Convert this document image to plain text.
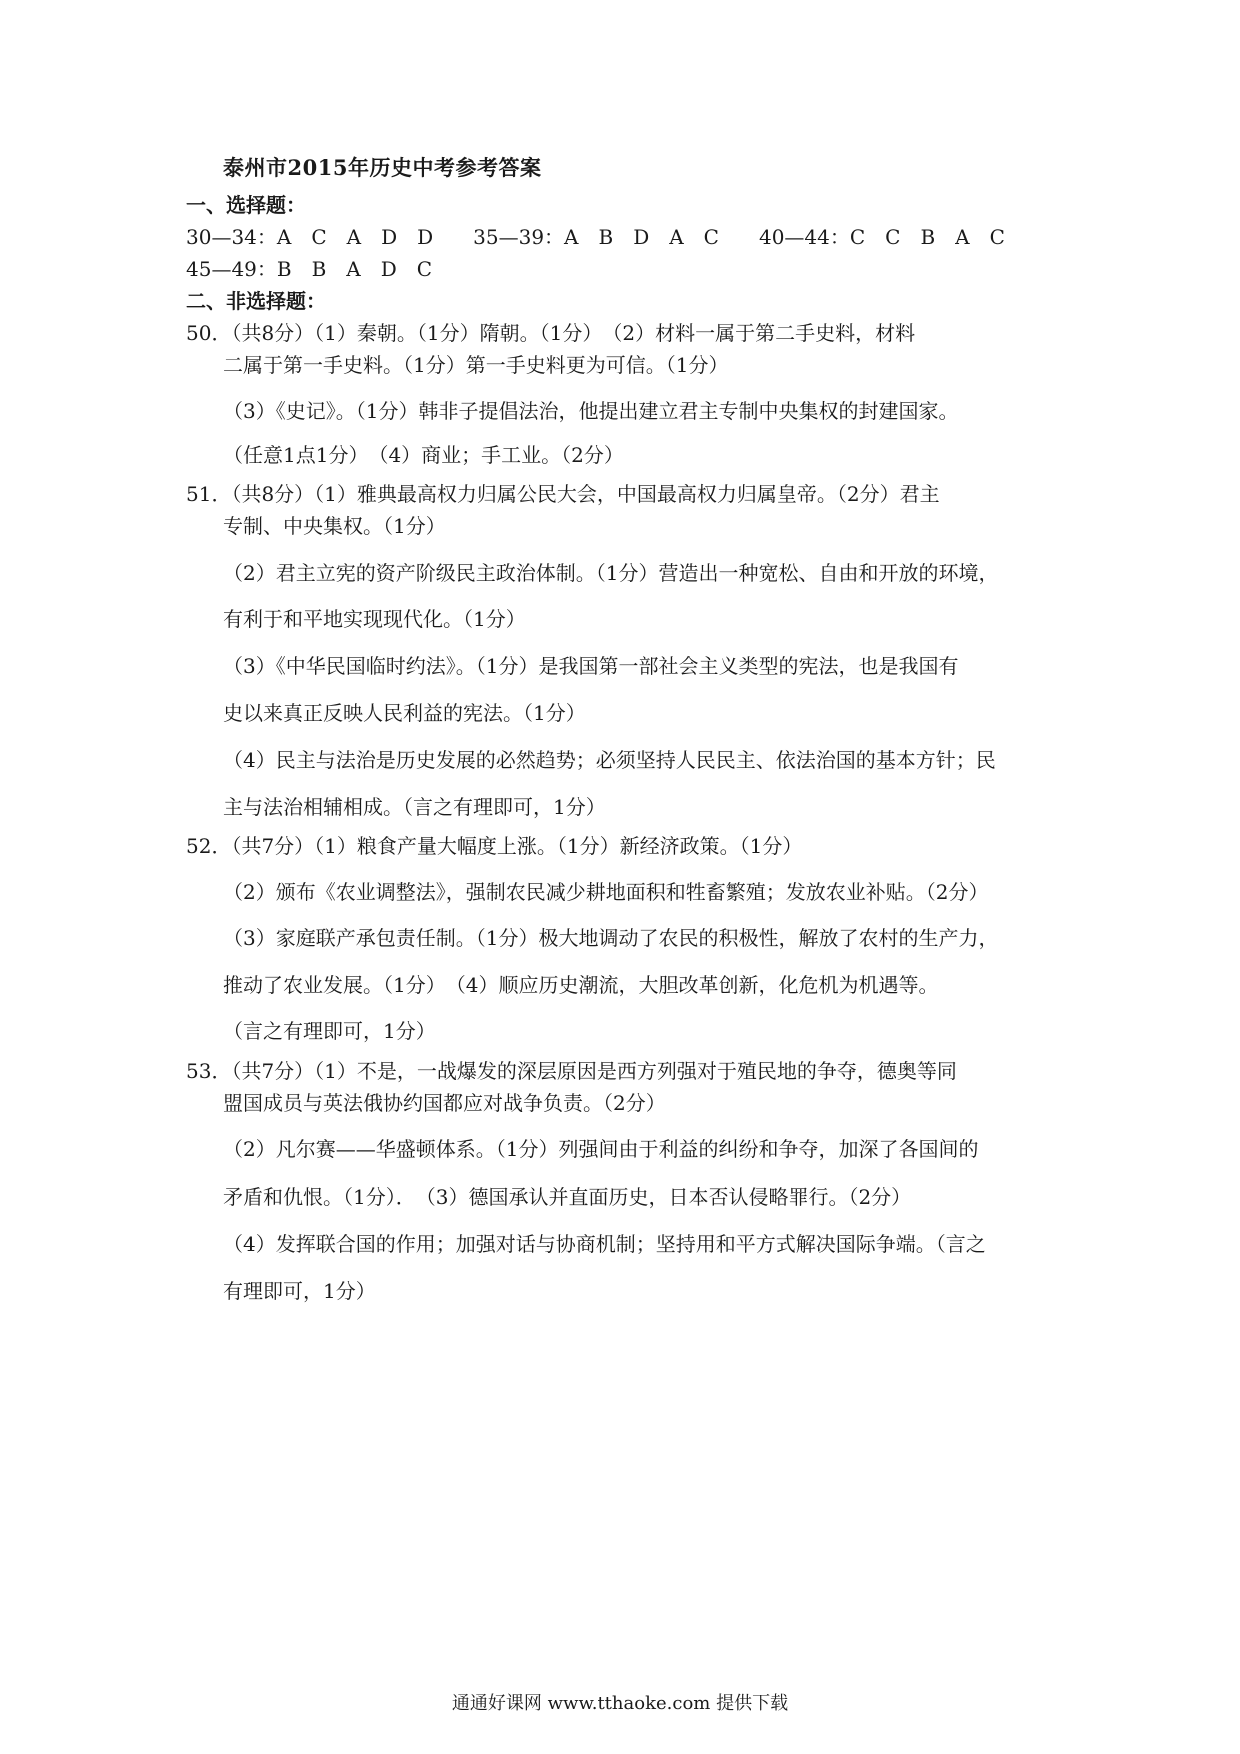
泰州市2015年历史中考参考答案
一、选择题：
30—34：A　C　A　D　D　　35—39：A　B　D　A　C　　40—44：C　C　B　A　C
45—49：B　B　A　D　C
二、非选择题：
50．（共8分）（1）秦朝。（1分）隋朝。（1分）　（2）材料一属于第二手史料，材料
二属于第一手史料。（1分）第一手史料更为可信。（1分）
（3）《史记》。（1分）韩非子提倡法治，他提出建立君主专制中央集权的封建国家。
（任意1点1分）　（4）商业；手工业。（2分）
51．（共8分）（1）雅典最高权力归属公民大会，中国最高权力归属皇帝。（2分）君主
专制、中央集权。（1分）
（2）君主立宪的资产阶级民主政治体制。（1分）营造出一种宽松、自由和开放的环境，
有利于和平地实现现代化。（1分）
（3）《中华民国临时约法》。（1分）是我国第一部社会主义类型的宪法，也是我国有
史以来真正反映人民利益的宪法。（1分）
（4）民主与法治是历史发展的必然趋势；必须坚持人民民主、依法治国的基本方针；民
主与法治相辅相成。（言之有理即可，1分）
52．（共7分）（1）粮食产量大幅度上涨。（1分）新经济政策。（1分）
（2）颁布《农业调整法》，强制农民减少耕地面积和牲畜繁殖；发放农业补贴。（2分）
（3）家庭联产承包责任制。（1分）极大地调动了农民的积极性，解放了农村的生产力，
推动了农业发展。（1分）　（4）顺应历史潮流，大胆改革创新，化危机为机遇等。
（言之有理即可，1分）
53．（共7分）（1）不是，一战爆发的深层原因是西方列强对于殖民地的争夺，德奥等同
盟国成员与英法俄协约国都应对战争负责。（2分）
（2）凡尔赛——华盛顿体系。（1分）列强间由于利益的纠纷和争夺，加深了各国间的
矛盾和仇恨。（1分）．　（3）德国承认并直面历史，日本否认侵略罪行。（2分）
（4）发挥联合国的作用；加强对话与协商机制；坚持用和平方式解决国际争端。（言之
有理即可，1分）
通通好课网 www.tthaoke.com 提供下载
